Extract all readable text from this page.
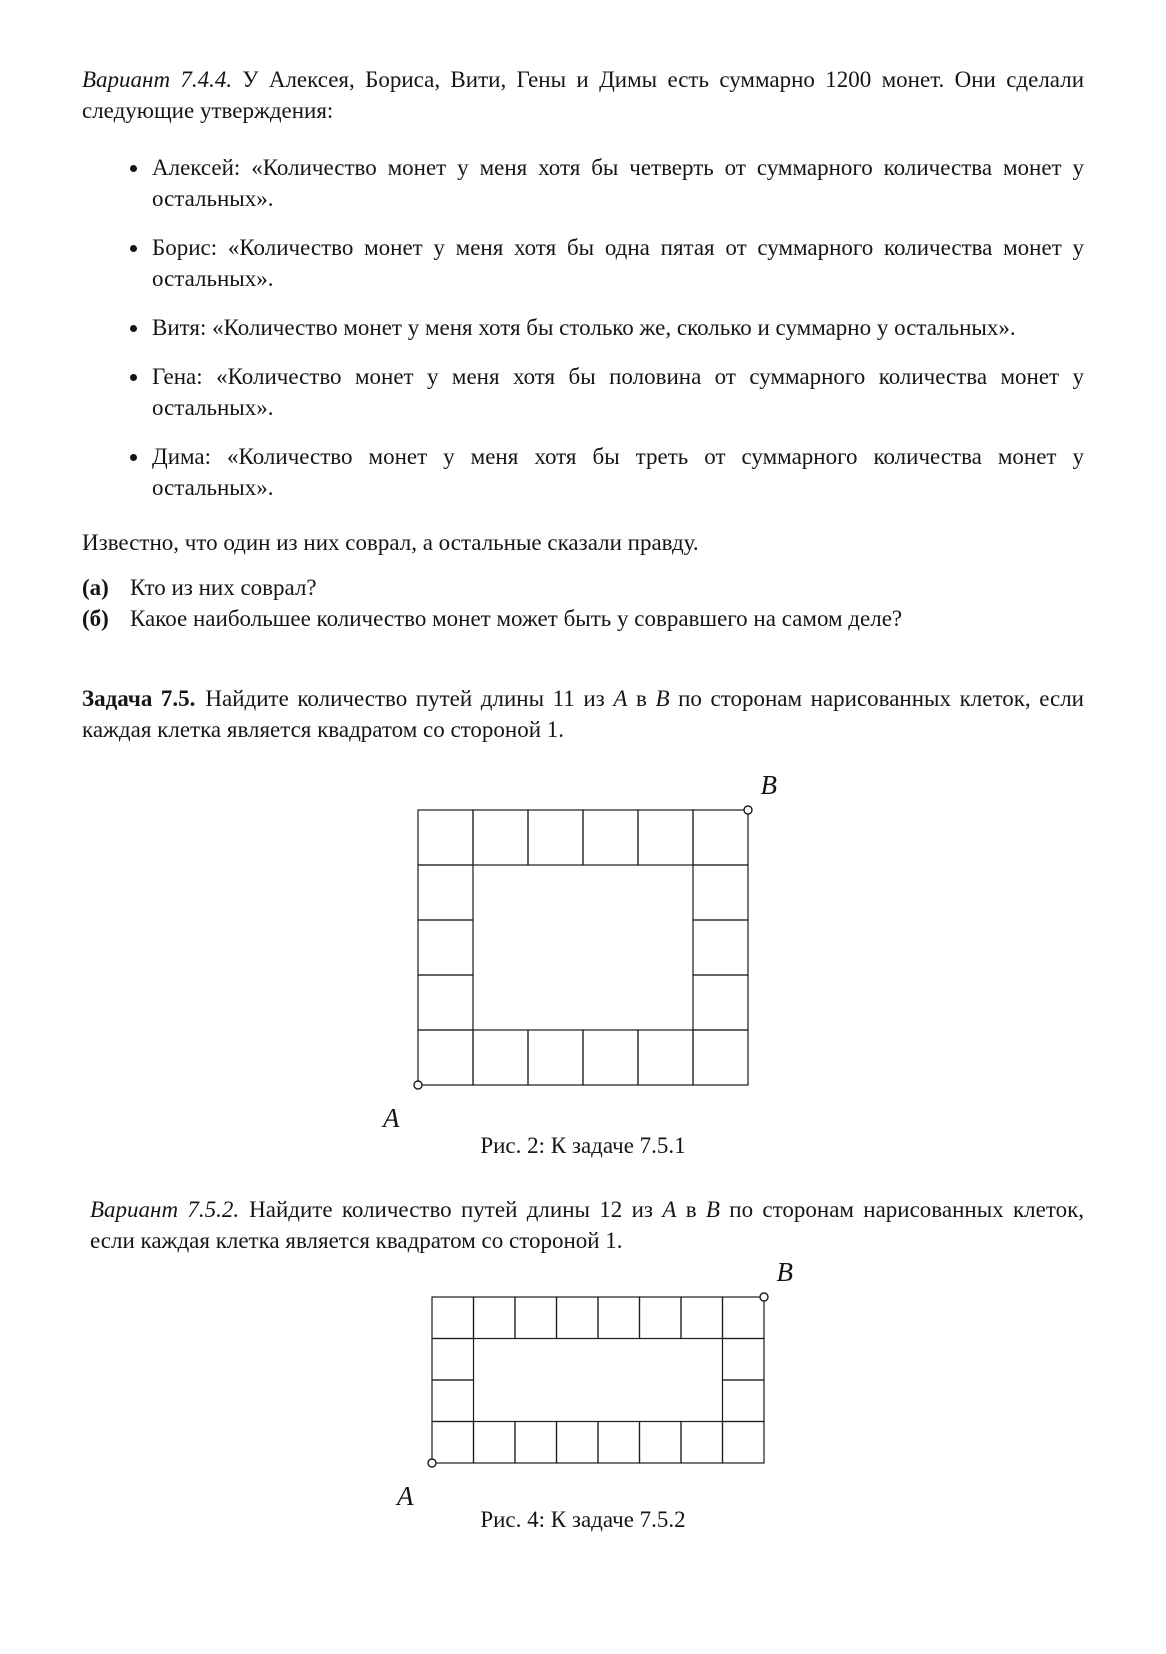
Вариант 7.4.4. У Алексея, Бориса, Вити, Гены и Димы есть суммарно 1200 монет. Они сделали следующие утверждения:

• Алексей: «Количество монет у меня хотя бы четверть от суммарного количества монет у остальных».
• Борис: «Количество монет у меня хотя бы одна пятая от суммарного количества монет у остальных».
• Витя: «Количество монет у меня хотя бы столько же, сколько и суммарно у остальных».
• Гена: «Количество монет у меня хотя бы половина от суммарного количества монет у остальных».
• Дима: «Количество монет у меня хотя бы треть от суммарного количества монет у остальных».

Известно, что один из них соврал, а остальные сказали правду.

(а) Кто из них соврал?
(б) Какое наибольшее количество монет может быть у совравшего на самом деле?

Задача 7.5. Найдите количество путей длины 11 из A в B по сторонам нарисованных клеток, если каждая клетка является квадратом со стороной 1.

B
A
Рис. 2: К задаче 7.5.1

Вариант 7.5.2. Найдите количество путей длины 12 из A в B по сторонам нарисованных клеток, если каждая клетка является квадратом со стороной 1.

B
A
Рис. 4: К задаче 7.5.2
